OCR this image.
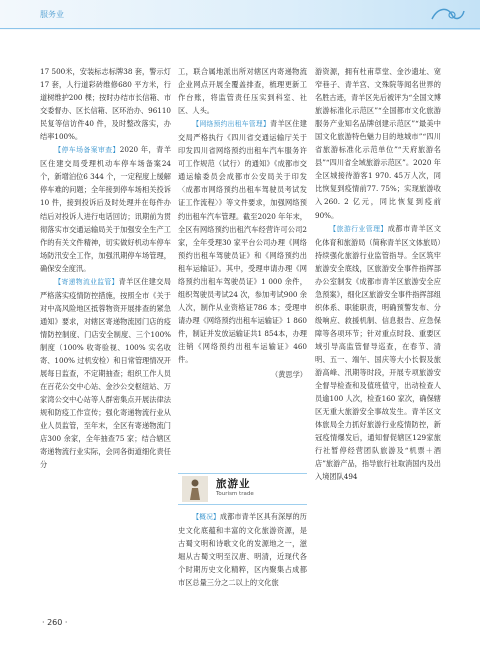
服务业

17 500米，安装标志标牌38 套，警示灯17 套，人行道彩砖维修680 平方米，行道树维护200 棵；按时办结市长信箱、市交委督办、区长信箱、区环治办、96110 民复等信访件40 件，及时整改落实，办结率100%。

【停车场备案审查】2020 年，青羊区住建交局受理机动车停车场备案24 个，新增泊位6 344 个，一定程度上缓解停车难的问题；全年接到停车场相关投诉10 件，接到投诉后及时处理并在每件办结后对投诉人进行电话回访；讯期前为贯彻落实市交通运输局关于加强安全生产工作的有关文件精神，切实做好机动车停车场防汛安全工作，加强汛期停车场管理，确保安全度汛。

【寄递物流业监管】青羊区住建交局严格落实疫情防控措施，按照全市《关于对中高风险地区抵蓉物资开展排查的紧急通知》要求，对辖区寄递物流园门店的疫情防控制度、门店安全制度、三个100% 制度（100% 收寄验视、100% 实名收寄、100% 过机安检）和日常管理情况开展每日监查，不定期抽查；组织工作人员在百花公交中心站、金沙公交枢纽站、万家湾公交中心站等人群密集点开展法律法规和防疫工作宣传；强化寄递物流行业从业人员监管，至年末，全区有寄递物流门店300 余家，全年抽查75 家；结合辖区寄递物流行业实际，会同各街道细化责任分

工，联合属地派出所对辖区内寄递物流企业网点开展全覆盖排查，梳理更新工作台账，将监管责任压实到科室、社区、人头。

【网络预约出租车管理】青羊区住建交局严格执行《四川省交通运输厅关于印发四川省网络预约出租车汽车服务许可工作规范（试行）的通知》《成都市交通运输委员会成都市公安局关于印发〈成都市网络预约出租车驾驶员考试发证工作流程〉》等文件要求，加强网络预约出租车汽车管理。截至2020 年年末，全区有网络预约出租汽车经营许可公司2 家，全年受理30 家平台公司办理《网络预约出租车驾驶员证》和《网络预约出租车运输证》。其中，受理申请办理《网络预约出租车驾驶员证》1 000 余件，组织驾驶员考试24 次，参加考试900 余人次，制作从业资格证786 本；受理申请办理《网络预约出租车运输证》1 860件，制证并发放运输证共1 854本，办理注销《网络预约出租车运输证》460 件。

（黄思学）
旅游业
Tourism trade

【概况】成都市青羊区具有深厚的历史文化底蕴和丰富的文化旅游资源，是古蜀文明和诗歌文化的发源地之一，滋堀从古蜀文明至汉唐、明清，近现代各个时期历史文化精粹，区内聚集占成都市区总量三分之二以上的文化旅

游资源，拥有杜甫草堂、金沙遗址、宽窄巷子、青羊宫、文殊院等闻名世界的名胜古迹，青羊区先后被评为“全国文博旅游标准化示范区”“全国都市文化旅游服务产业知名品牌创建示范区”“最美中国文化旅游特色魅力目的地城市”“四川省旅游标准化示范单位”“天府旅游名县”“四川省全域旅游示范区”。2020 年全区城接待游客1 970. 45万人次，同比恢复到疫情前77. 75%；实现旅游收入260. 2 亿元，同比恢复到疫前90%。

【旅游行业管理】成都市青羊区文化体育和旅游局（简称青羊区文体旅局）持续强化旅游行业监管指导。全区筑牢旅游安全底线，区旅游安全事件指挥部办公室制发《成都市青羊区旅游安全应急预案》，细化区旅游安全事件指挥部组织体系、职能职责，明确预警发布、分级响应、救援机制、信息报告、应急保障等各项环节；针对重点时段、重要区域引导高监管督导巡查，在春节、清明、五一、端午、国庆等大小长假及旅游高峰、汛期等时段，开展专项旅游安全督导检查和及值班值守，出动检查人员逾100 人次，检查160 家次，确保辖区无重大旅游安全事故发生。青羊区文体旅局全力抓好旅游行业疫情防控，新冠疫情爆发后，通知督促辖区129家旅行社暂停经营团队旅游及“机票＋酒店”旅游产品，指导旅行社取消国内及出入境团队494

· 260 ·
